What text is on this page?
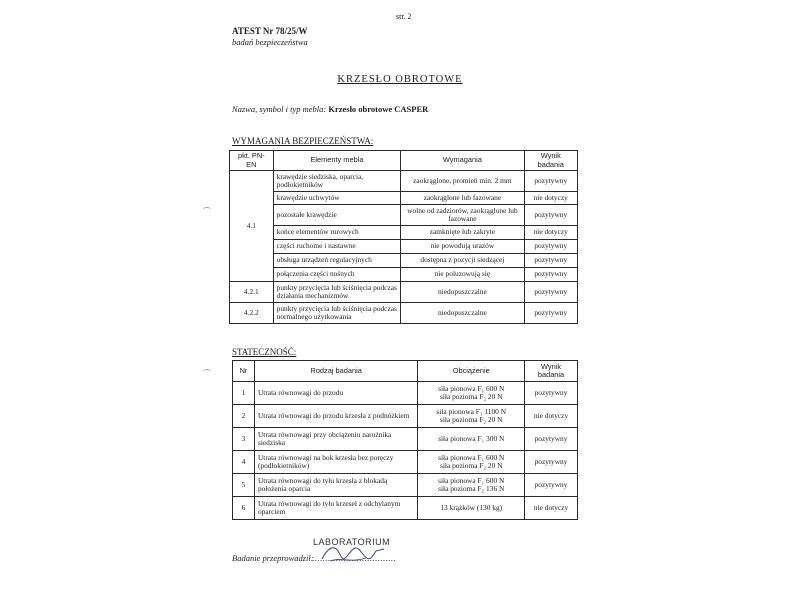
str. 2
ATEST Nr 78/25/W
badań bezpieczeństwa
KRZESŁO OBROTOWE
Nazwa, symbol i typ mebla: Krzesło obrotowe CASPER
WYMAGANIA BEZPIECZEŃSTWA:
pkt. PN-EN	Elementy mebla	Wymagania	Wynik badania
4.1	krawędzie siedziska, oparcia, podłokietników	zaokrąglone, promień min. 2 mm	pozytywny
	krawędzie uchwytów	zaokrąglone lub fazowane	nie dotyczy
	pozostałe krawędzie	wolne od zadziorów, zaokrąglone lub fazowane	pozytywny
	końce elementów rurowych	zamknięte lub zakryte	nie dotyczy
	części ruchome i nastawne	nie powodują urazów	pozytywny
	obsługa urządzeń regulacyjnych	dostępna z pozycji siedzącej	pozytywny
	połączenia części nośnych	nie poluzowują się	pozytywny
4.2.1	punkty przycięcia lub ściśnięcia podczas działania mechanizmów	niedopuszczalne	pozytywny
4.2.2	punkty przycięcia lub ściśnięcia podczas normalnego użytkowania	niedopuszczalne	pozytywny
STATECZNOŚĆ:
Nr	Rodzaj badania	Obciążenie	Wynik badania
1	Utrata równowagi do przodu	siła pionowa F₁ 600 N
siła pozioma F₂ 20 N	pozytywny
2	Utrata równowagi do przodu krzesła z podnóżkiem	siła pionowa F₁ 1100 N
siła pozioma F₂ 20 N	nie dotyczy
3	Utrata równowagi przy obciążeniu narożnika siedziska	siła pionowa F₁ 300 N	pozytywny
4	Utrata równowagi na bok krzesła bez poręczy (podłokietników)	siła pionowa F₁ 600 N
siła pozioma F₂ 20 N	pozytywny
5	Utrata równowagi do tyłu krzesła z blokadą położenia oparcia	siła pionowa F₁ 600 N
siła pozioma F₂ 136 N	pozytywny
6	Utrata równowagi do tyłu krzeseł z odchylanym oparciem	13 krążków (130 kg)	nie dotyczy
LABORATORIUM
Badanie przeprowadził:
................................
